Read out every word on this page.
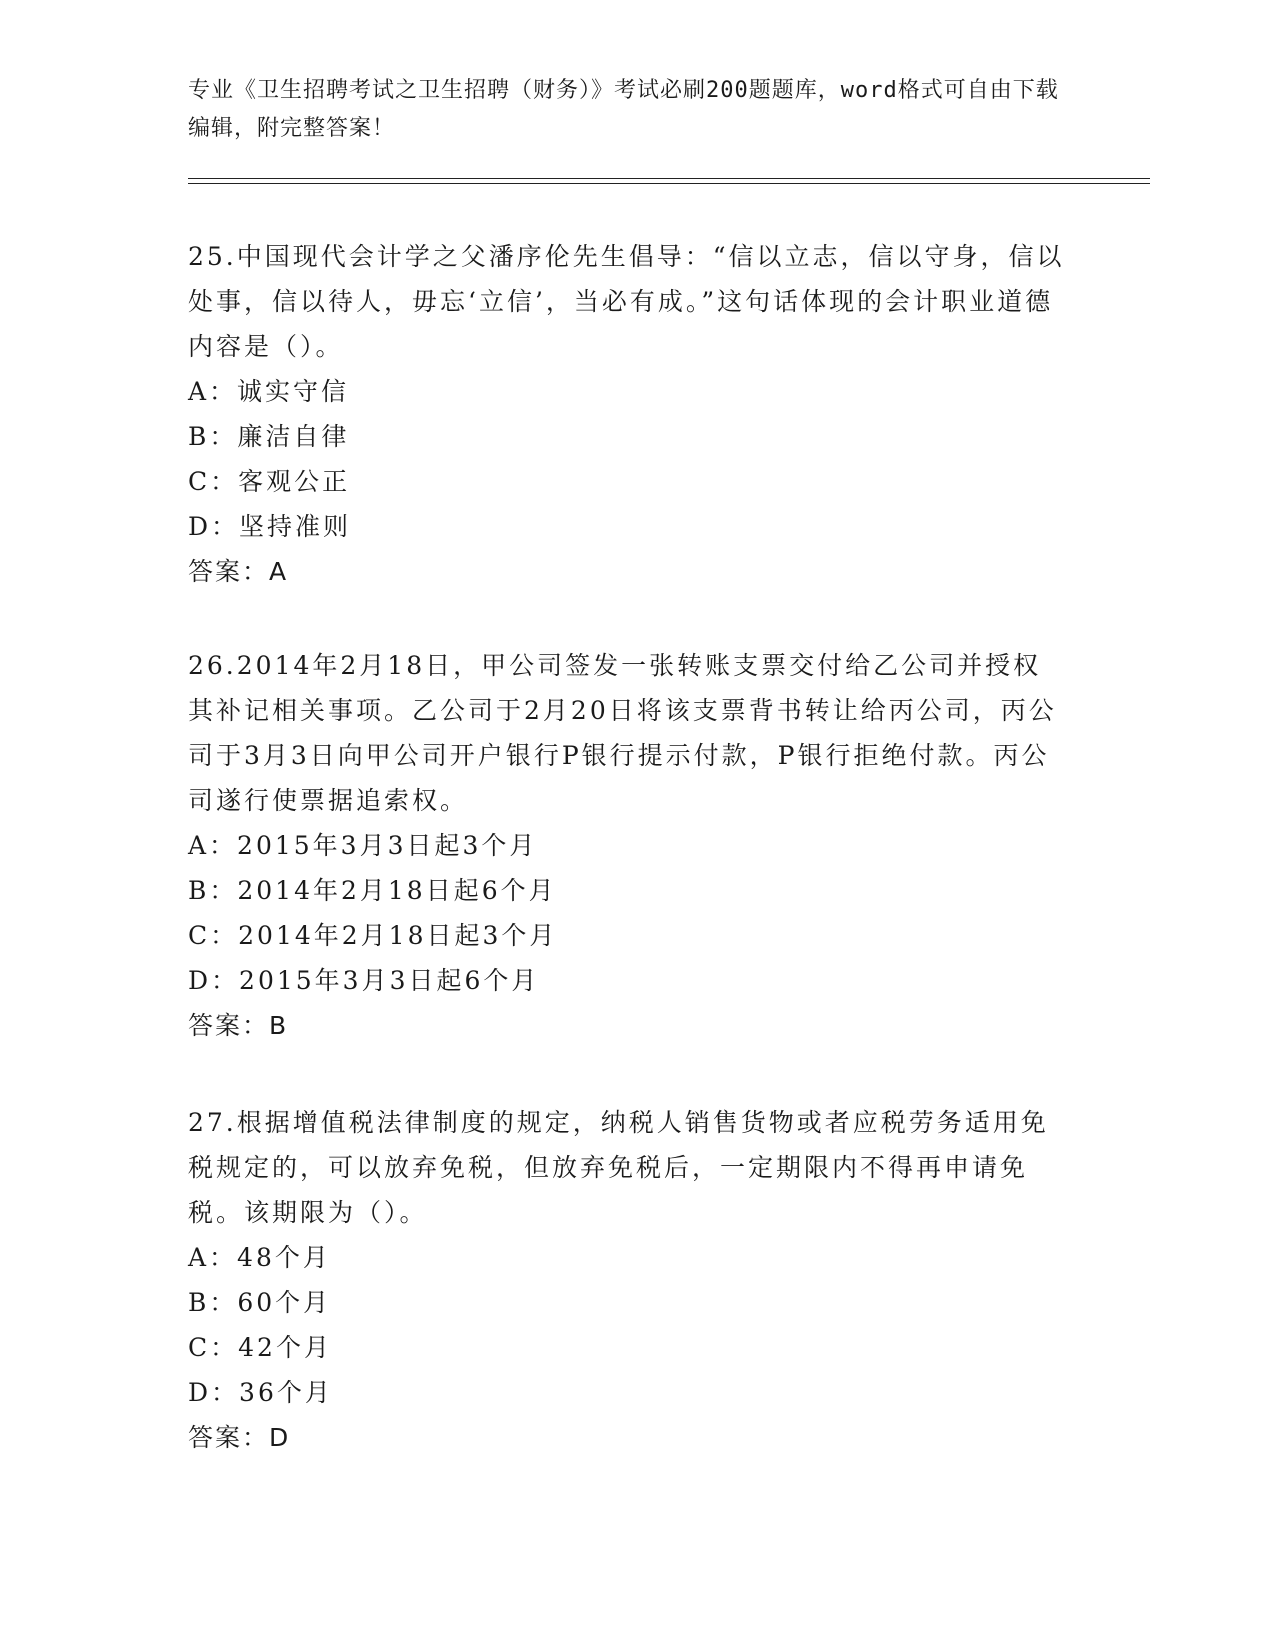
专业《卫生招聘考试之卫生招聘（财务）》考试必刷200题题库，word格式可自由下载编辑，附完整答案！

25.中国现代会计学之父潘序伦先生倡导：“信以立志，信以守身，信以处事，信以待人，毋忘‘立信’，当必有成。”这句话体现的会计职业道德内容是（）。

A：诚实守信
B：廉洁自律
C：客观公正
D：坚持准则
答案：A

26.2014年2月18日，甲公司签发一张转账支票交付给乙公司并授权其补记相关事项。乙公司于2月20日将该支票背书转让给丙公司，丙公司于3月3日向甲公司开户银行P银行提示付款，P银行拒绝付款。丙公司遂行使票据追索权。

A：2015年3月3日起3个月
B：2014年2月18日起6个月
C：2014年2月18日起3个月
D：2015年3月3日起6个月
答案：B

27.根据增值税法律制度的规定，纳税人销售货物或者应税劳务适用免税规定的，可以放弃免税，但放弃免税后，一定期限内不得再申请免税。该期限为（）。

A：48个月
B：60个月
C：42个月
D：36个月
答案：D
